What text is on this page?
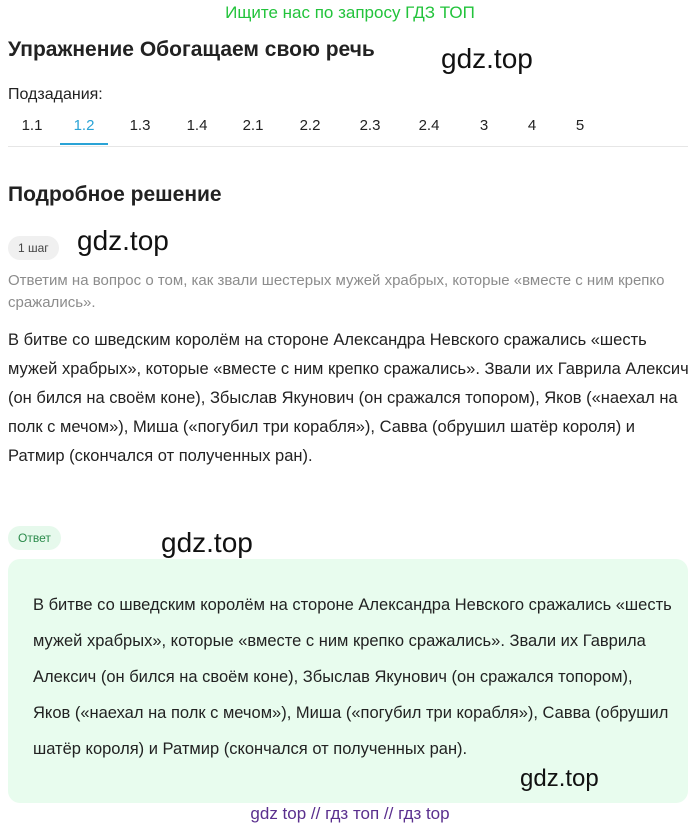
Ищите нас по запросу ГДЗ ТОП
Упражнение Обогащаем свою речь gdz.top
Подзадания:
1.1	1.2	1.3	1.4	2.1	2.2	2.3	2.4	3	4	5
Подробное решение
1 шаг	gdz.top
Ответим на вопрос о том, как звали шестерых мужей храбрых, которые «вместе с ним крепко сражались».
В битве со шведским королём на стороне Александра Невского сражались «шесть мужей храбрых», которые «вместе с ним крепко сражались». Звали их Гаврила Алексич (он бился на своём коне), Збыслав Якунович (он сражался топором), Яков («наехал на полк с мечом»), Миша («погубил три корабля»), Савва (обрушил шатёр короля) и Ратмир (скончался от полученных ран).
Ответ	gdz.top
В битве со шведским королём на стороне Александра Невского сражались «шесть мужей храбрых», которые «вместе с ним крепко сражались». Звали их Гаврила Алексич (он бился на своём коне), Збыслав Якунович (он сражался топором), Яков («наехал на полк с мечом»), Миша («погубил три корабля»), Савва (обрушил шатёр короля) и Ратмир (скончался от полученных ран).
gdz.top
gdz top // гдз топ // гдз top
